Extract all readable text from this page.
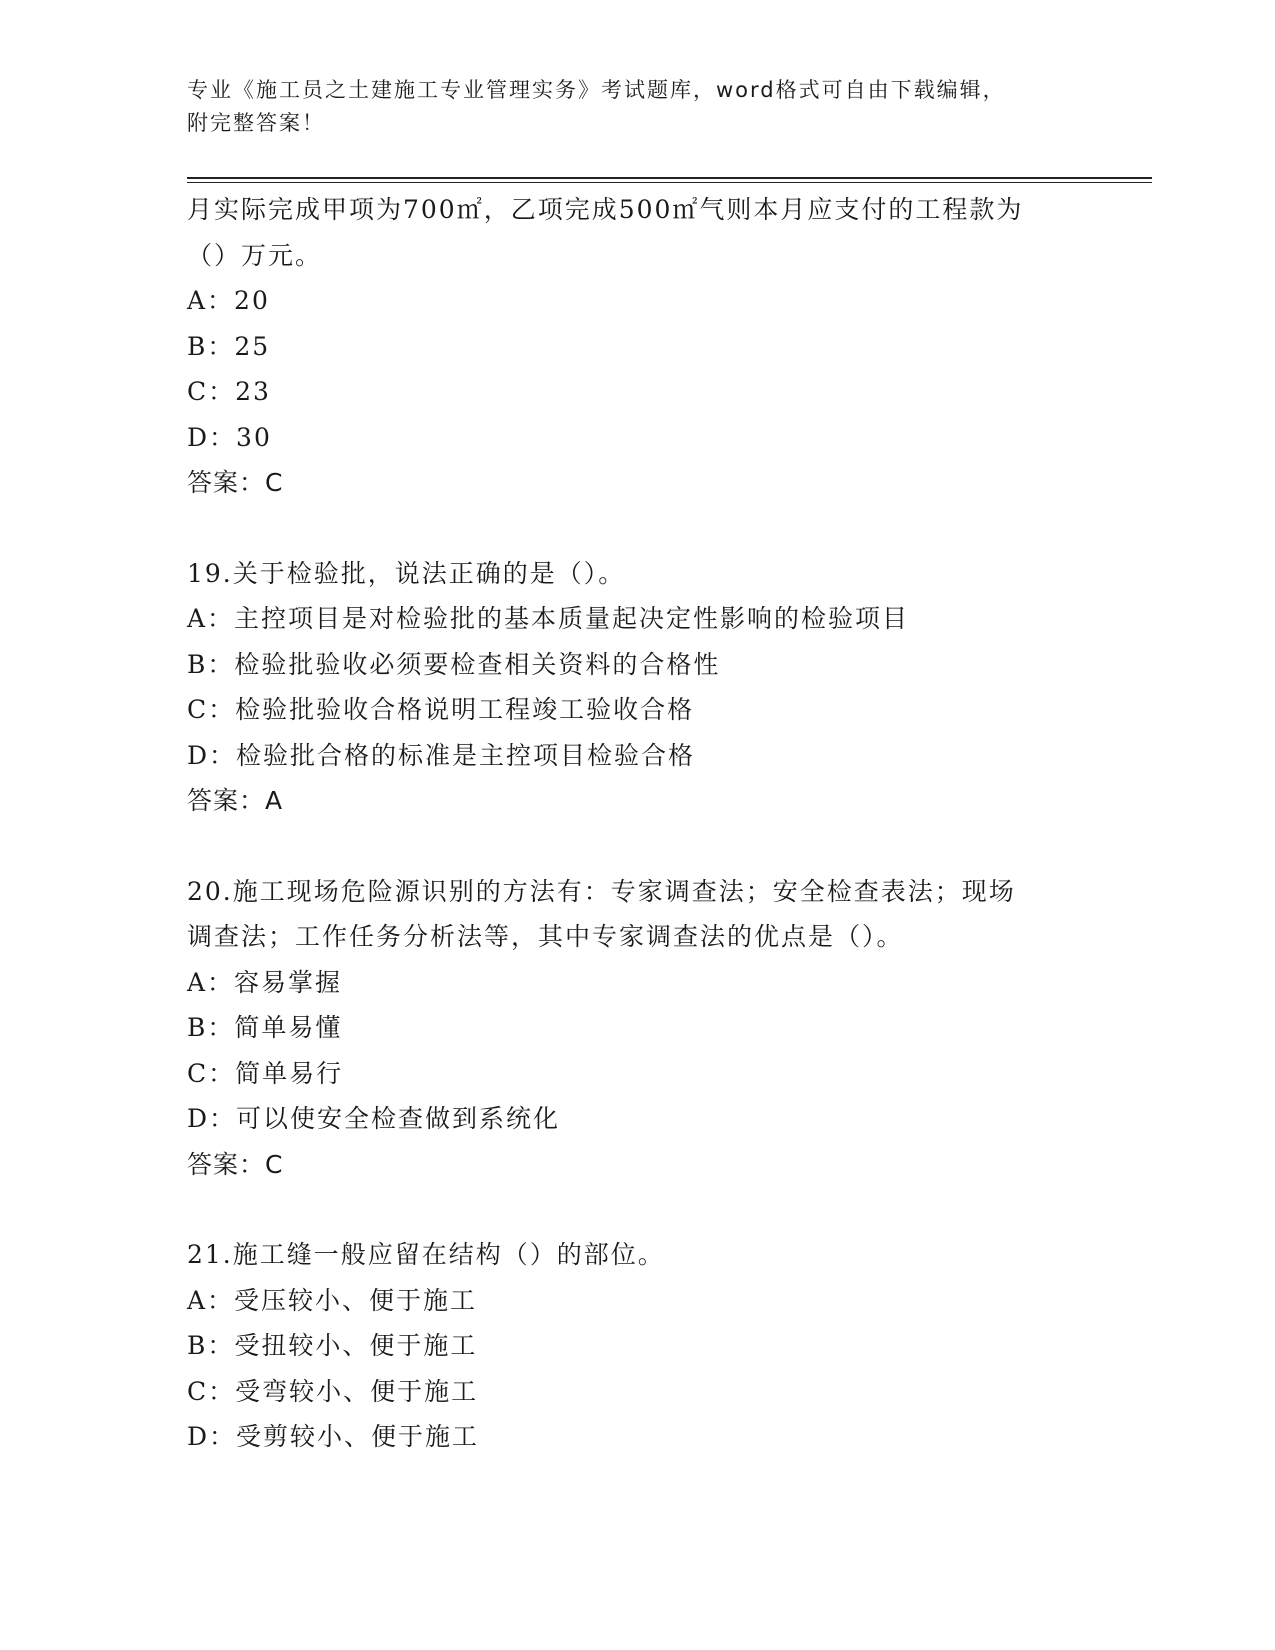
专业《施工员之土建施工专业管理实务》考试题库，word格式可自由下载编辑，
附完整答案！
月实际完成甲项为700㎡，乙项完成500㎡气则本月应支付的工程款为
（）万元。
A：20
B：25
C：23
D：30
答案：C
19.关于检验批，说法正确的是（）。
A：主控项目是对检验批的基本质量起决定性影响的检验项目
B：检验批验收必须要检查相关资料的合格性
C：检验批验收合格说明工程竣工验收合格
D：检验批合格的标准是主控项目检验合格
答案：A
20.施工现场危险源识别的方法有：专家调查法；安全检查表法；现场
调查法；工作任务分析法等，其中专家调查法的优点是（）。
A：容易掌握
B：简单易懂
C：简单易行
D：可以使安全检查做到系统化
答案：C
21.施工缝一般应留在结构（）的部位。
A：受压较小、便于施工
B：受扭较小、便于施工
C：受弯较小、便于施工
D：受剪较小、便于施工
